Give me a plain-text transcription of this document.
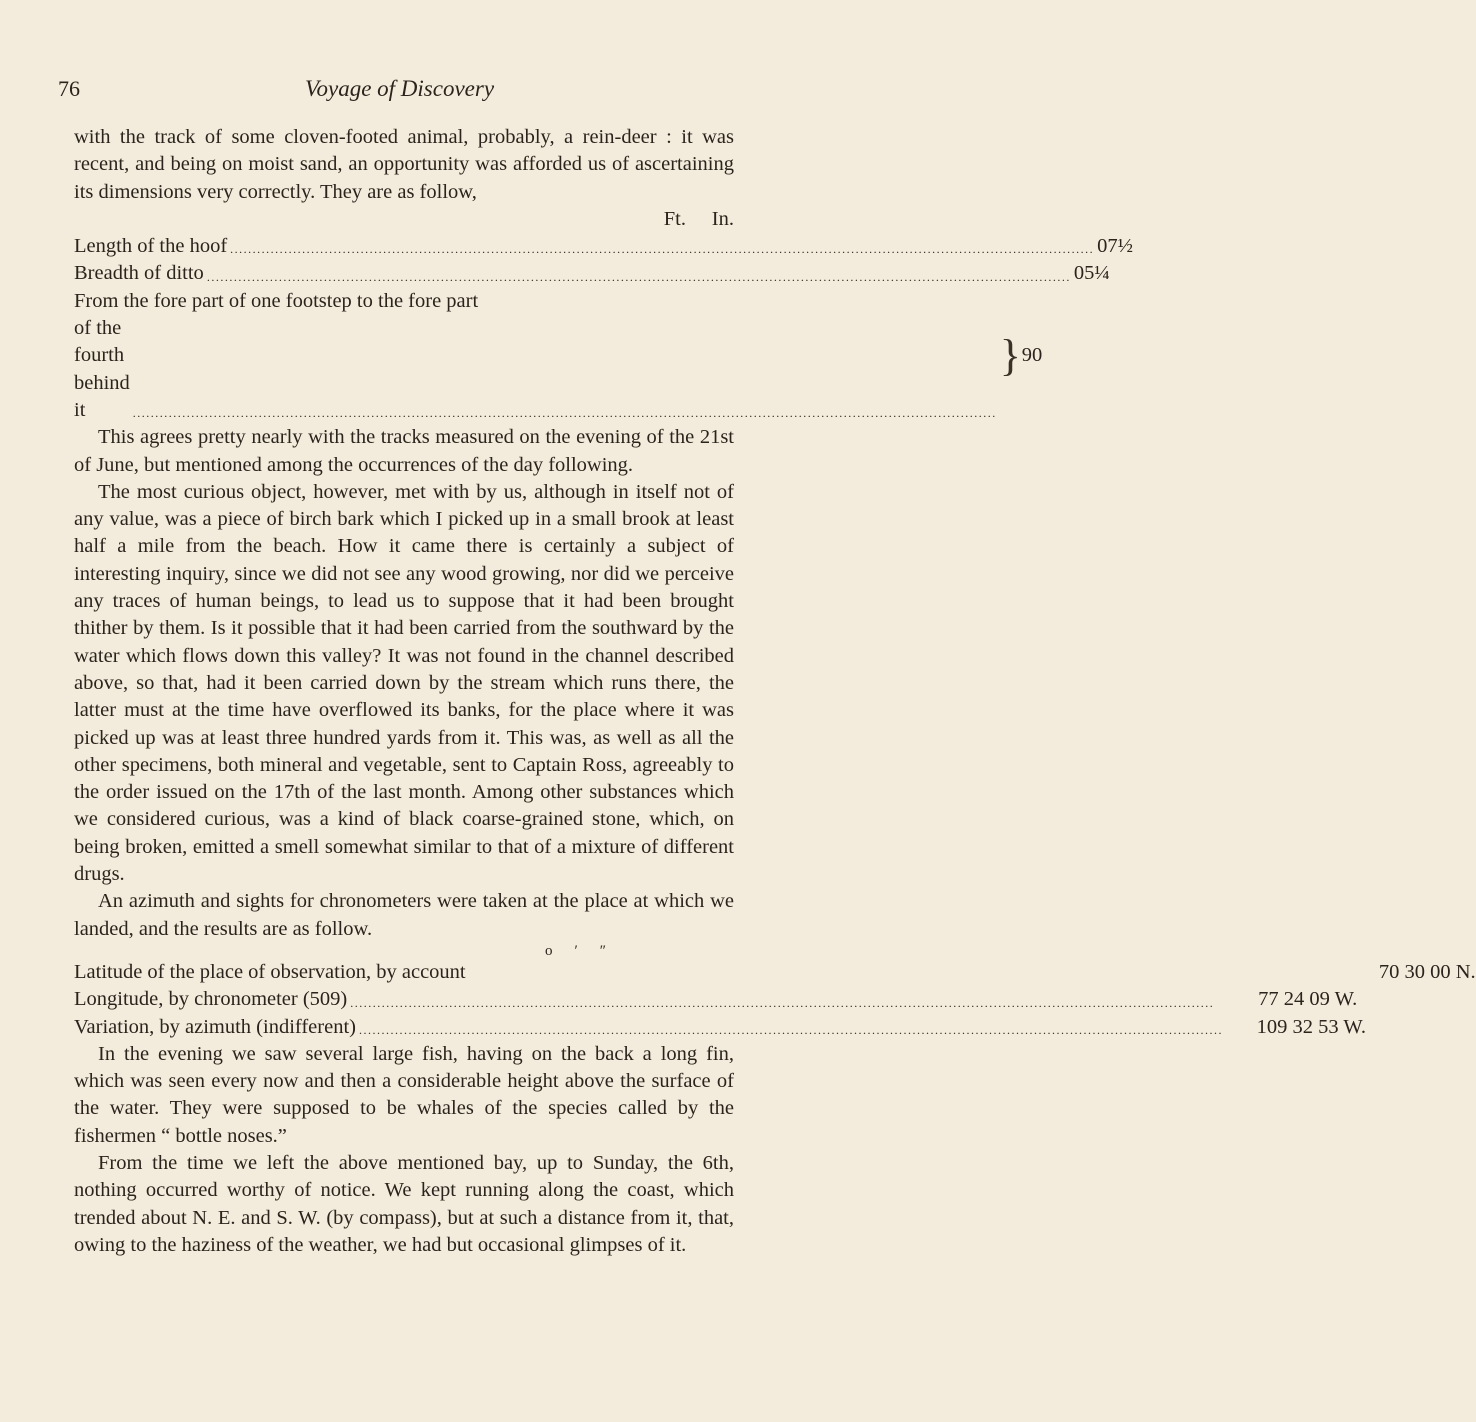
76	Voyage of Discovery

with the track of some cloven-footed animal, probably, a rein-deer : it was recent, and being on moist sand, an opportunity was afforded us of ascertaining its dimensions very correctly. They are as follow,

Ft.	In.
Length of the hoof .....	0 7½
Breadth of ditto .....	0 5¼
From the fore part of one footstep to the fore part
of the fourth behind it
.....
} 9 0

This agrees pretty nearly with the tracks measured on the evening of the 21st of June, but mentioned among the occurrences of the day following.

The most curious object, however, met with by us, although in itself not of any value, was a piece of birch bark which I picked up in a small brook at least half a mile from the beach. How it came there is certainly a subject of interesting inquiry, since we did not see any wood growing, nor did we perceive any traces of human beings, to lead us to suppose that it had been brought thither by them. Is it possible that it had been carried from the southward by the water which flows down this valley? It was not found in the channel described above, so that, had it been carried down by the stream which runs there, the latter must at the time have overflowed its banks, for the place where it was picked up was at least three hundred yards from it. This was, as well as all the other specimens, both mineral and vegetable, sent to Captain Ross, agreeably to the order issued on the 17th of the last month. Among other substances which we considered curious, was a kind of black coarse-grained stone, which, on being broken, emitted a smell somewhat similar to that of a mixture of different drugs.

An azimuth and sights for chronometers were taken at the place at which we landed, and the results are as follow.

o ′ ″
Latitude of the place of observation, by account	70 30 00 N.
Longitude, by chronometer (509) .....	77 24 09 W.
Variation, by azimuth (indifferent) .....	109 32 53 W.

In the evening we saw several large fish, having on the back a long fin, which was seen every now and then a considerable height above the surface of the water. They were supposed to be whales of the species called by the fishermen “ bottle noses.”

From the time we left the above mentioned bay, up to Sunday, the 6th, nothing occurred worthy of notice. We kept running along the coast, which trended about N. E. and S. W. (by compass), but at such a distance from it, that, owing to the haziness of the weather, we had but occasional glimpses of it.
